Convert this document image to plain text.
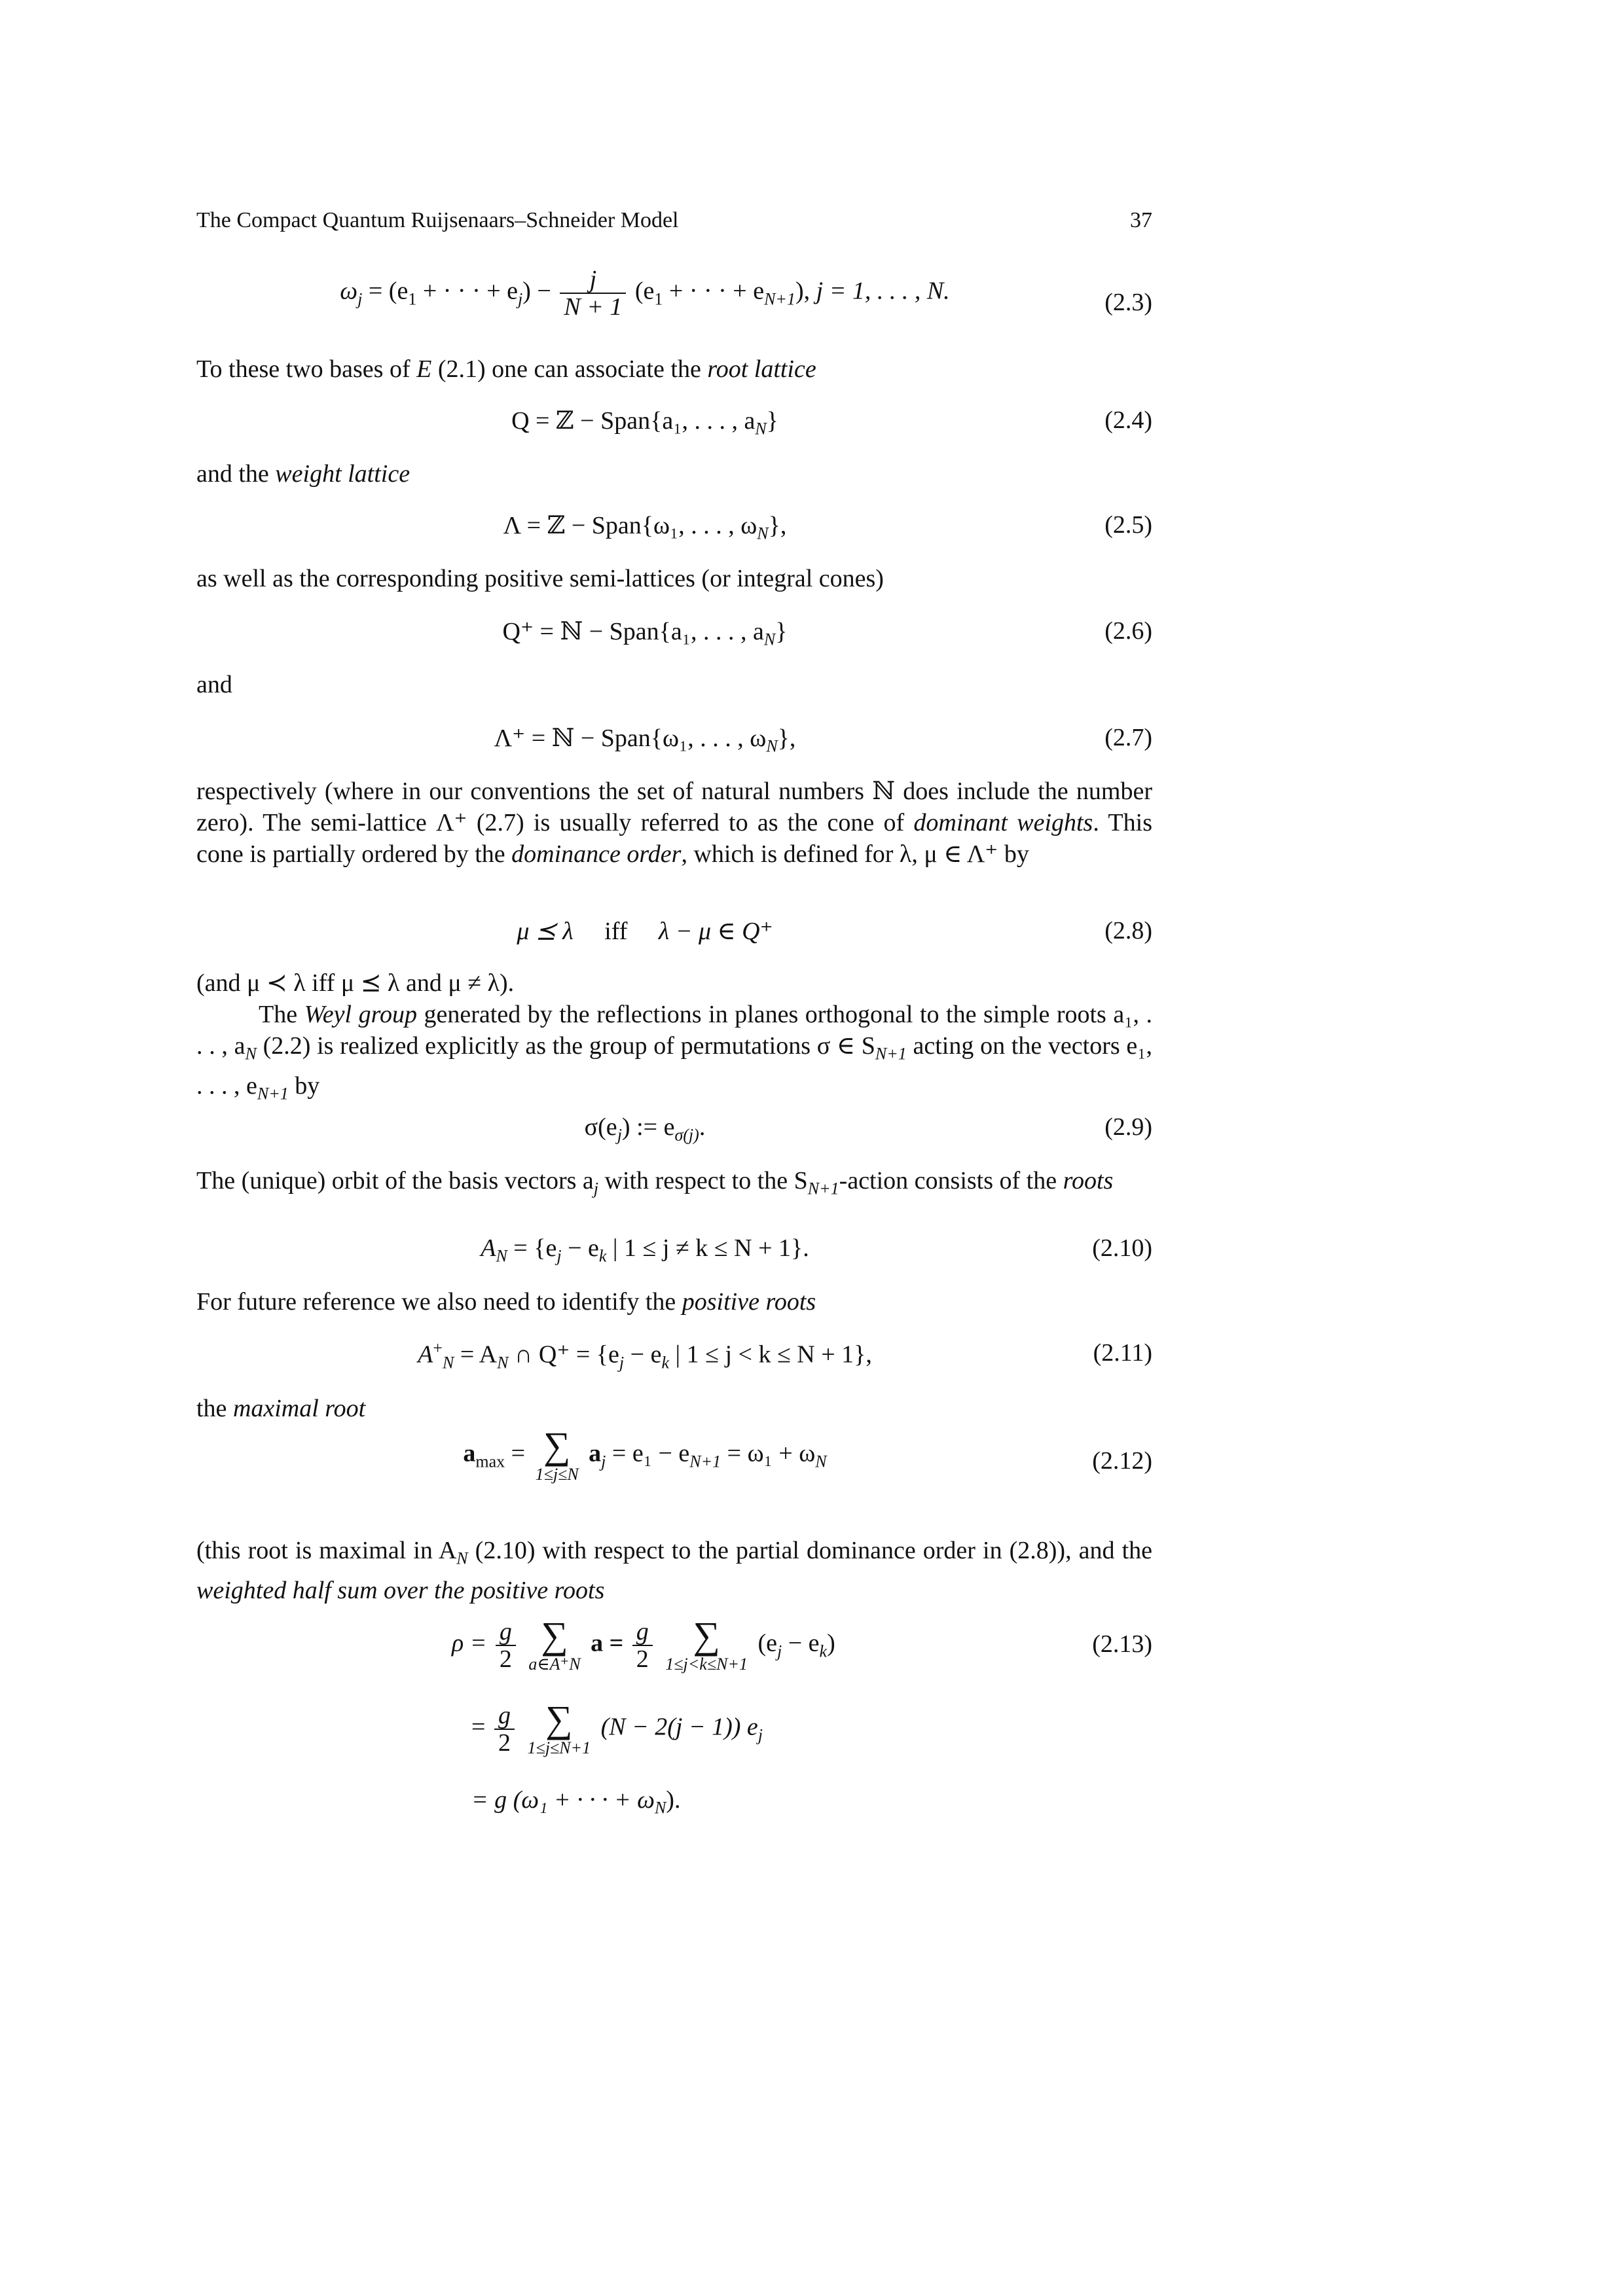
The Compact Quantum Ruijsenaars–Schneider Model	37
$\omega_j = (e_1$ + · · · + $e_j) - \frac{j}{N + 1} (e_1$ + · · · + $e_{N+1}$), j = 1, . . . , N.	(2.3)
To these two bases of E (2.1) one can associate the root lattice
Q = ℤ − Span{a₁, . . . , $a_N$}	(2.4)
and the weight lattice
Λ = ℤ − Span{ω₁, . . . , $\omega_N$},	(2.5)
as well as the corresponding positive semi-lattices (or integral cones)
Q⁺ = ℕ − Span{a₁, . . . , $a_N$}	(2.6)
and
Λ⁺ = ℕ − Span{ω₁, . . . , $\omega_N$},	(2.7)
respectively (where in our conventions the set of natural numbers ℕ does include the number zero). The semi-lattice Λ⁺ (2.7) is usually referred to as the cone of dominant weights. This cone is partially ordered by the dominance order, which is defined for λ, μ ∈ Λ⁺ by
μ ⪯ λ iff λ − μ ∈ Q⁺	(2.8)
(and μ ≺ λ iff μ ⪯ λ and μ ≠ λ).
The Weyl group generated by the reflections in planes orthogonal to the simple roots a₁, . . . , $a_N$ (2.2) is realized explicitly as the group of permutations σ ∈ $S_{N+1}$ acting on the vectors e₁, . . . , $e_{N+1}$ by
$\sigma(e_j)$ := $e_{\sigma(j)}$.	(2.9)
The (unique) orbit of the basis vectors $a_j$ with respect to the $S_{N+1}$-action consists of the roots
$A_N = \{e_j - e_k$ | 1 ≤ j ≠ k ≤ N + 1}.	(2.10)
For future reference we also need to identify the positive roots
$A^+_N = A_N$ ∩ $Q^+ = \{e_j - e_k$ | 1 ≤ j < k ≤ N + 1},	(2.11)
the maximal root
$a_{max}$ = ∑
1≤j≤N
$a_j = e_1 - e_{N+1} = \omega_1 + \omega_N$	(2.12)
(this root is maximal in $A_N$ (2.10) with respect to the partial dominance order in (2.8)), and the weighted half sum over the positive roots
$\rho = \frac{g}{2}$
∑
a∈A⁺N
$a = \frac{g}{2}$
	∑
1≤j<k≤N+1
$(e_j - e_k)$
= $\frac{g}{2}$
∑
1≤j≤N+1
(N − 2(j − 1)) $e_j$
= g (ω₁ + · · · + $\omega_N$).
(2.13)
